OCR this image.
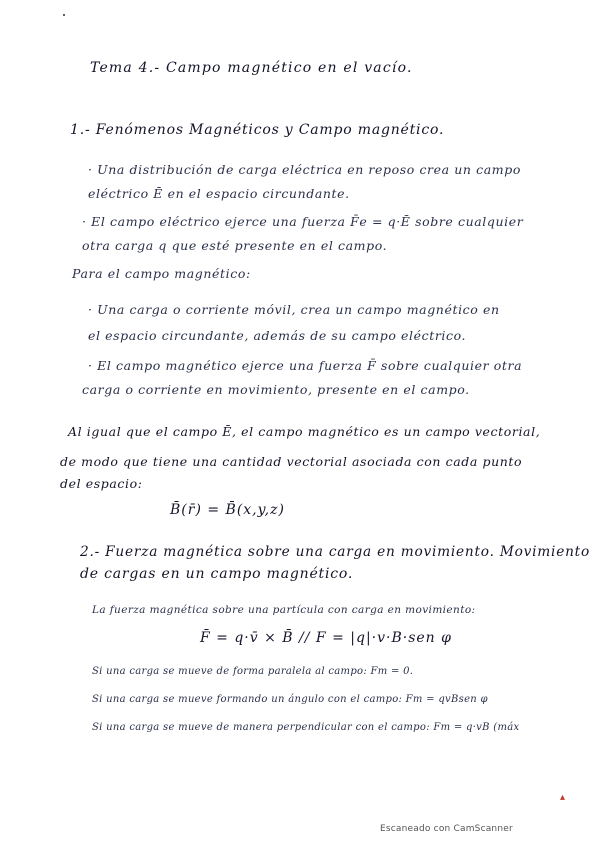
Tema 4.- Campo magnético en el vacío.
1.- Fenómenos Magnéticos y Campo magnético.
· Una distribución de carga eléctrica en reposo crea un campo
eléctrico Ē en el espacio circundante.
· El campo eléctrico ejerce una fuerza F̄e = q·Ē sobre cualquier
otra carga q que esté presente en el campo.
Para el campo magnético:
· Una carga o corriente móvil, crea un campo magnético en
el espacio circundante, además de su campo eléctrico.
· El campo magnético ejerce una fuerza F̄ sobre cualquier otra
carga o corriente en movimiento, presente en el campo.
Al igual que el campo Ē, el campo magnético es un campo vectorial,
de modo que tiene una cantidad vectorial asociada con cada punto
del espacio:
B̄(r̄) = B̄(x,y,z)
2.- Fuerza magnética sobre una carga en movimiento. Movimiento
de cargas en un campo magnético.
La fuerza magnética sobre una partícula con carga en movimiento:
F̄ = q·v̄ × B̄ // F = |q|·v·B·sen φ
Si una carga se mueve de forma paralela al campo: Fm = 0.
Si una carga se mueve formando un ángulo con el campo: Fm = qvBsen φ
Si una carga se mueve de manera perpendicular con el campo: Fm = q·vB (máx
▴
Escaneado con CamScanner
